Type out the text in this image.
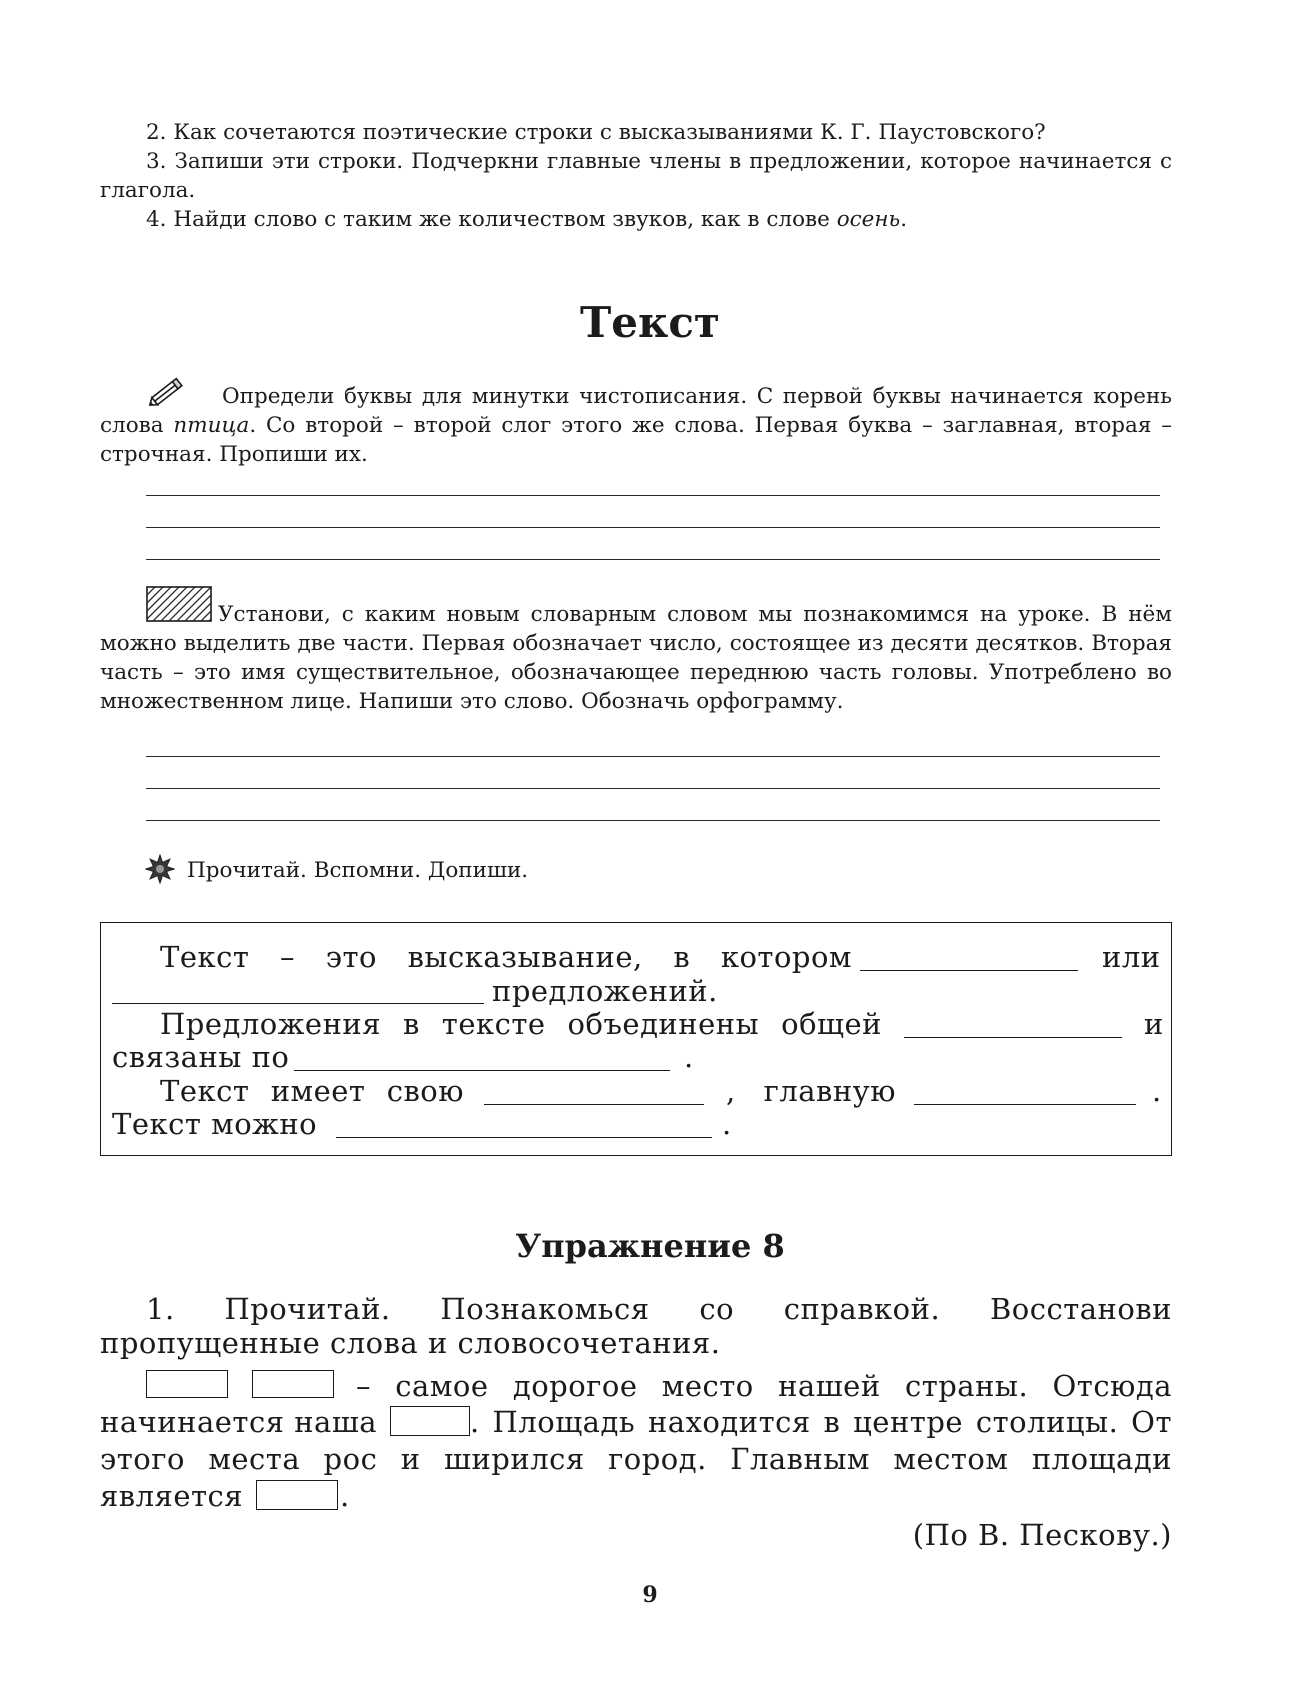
2. Как сочетаются поэтические строки с высказываниями К. Г. Паустовского?

3. Запиши эти строки. Подчеркни главные члены в предложении, которое начинается с глагола.

4. Найди слово с таким же количеством звуков, как в слове осень.

Текст

Определи буквы для минутки чистописания. С первой буквы начинается корень слова птица. Со второй – второй слог этого же слова. Первая буква – заглавная, вторая – строчная. Пропиши их.

Установи, с каким новым словарным словом мы познакомимся на уроке. В нём можно выделить две части. Первая обозначает число, состоящее из десяти десятков. Вторая часть – это имя существительное, обозначающее переднюю часть головы. Употреблено во множественном лице. Напиши это слово. Обозначь орфограмму.

Прочитай. Вспомни. Допиши.
Текст – это высказывание, в котором	или
предложений.
Предложения в тексте объединены общей	и
связаны по	.
Текст имеет свою	, главную	.
Текст можно	.
Упражнение 8
1. Прочитай. Познакомься со справкой. Восстанови
пропущенные слова и словосочетания.
– самое дорогое место нашей страны. Отсюда
начинается наша	. Площадь находится в центре столицы. От
этого места рос и ширился город. Главным местом площади
является	.
(По В. Пескову.)
9
